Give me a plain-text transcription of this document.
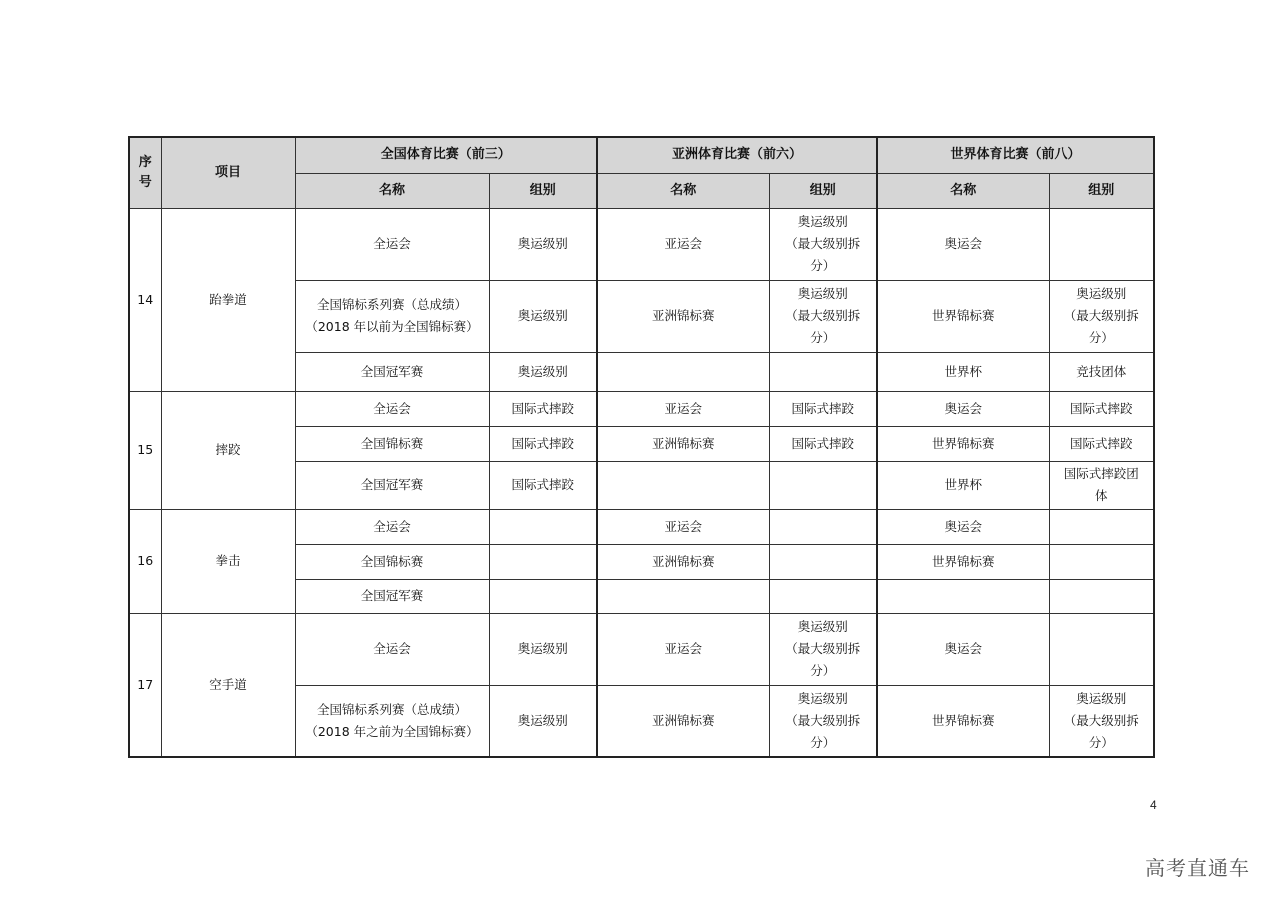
序
号	项目	全国体育比赛（前三）		亚洲体育比赛（前六）		世界体育比赛（前八）	
		名称	组别	名称	组别	名称	组别
14	跆拳道	全运会	奥运级别	亚运会	奥运级别
（最大级别拆
分）	奥运会	
		全国锦标系列赛（总成绩）
（2018 年以前为全国锦标赛）	奥运级别	亚洲锦标赛	奥运级别
（最大级别拆
分）	世界锦标赛	奥运级别
（最大级别拆
分）
		全国冠军赛	奥运级别			世界杯	竞技团体
15	摔跤	全运会	国际式摔跤	亚运会	国际式摔跤	奥运会	国际式摔跤
		全国锦标赛	国际式摔跤	亚洲锦标赛	国际式摔跤	世界锦标赛	国际式摔跤
		全国冠军赛	国际式摔跤			世界杯	国际式摔跤团
体
16	拳击	全运会		亚运会		奥运会	
		全国锦标赛		亚洲锦标赛		世界锦标赛	
		全国冠军赛					
17	空手道	全运会	奥运级别	亚运会	奥运级别
（最大级别拆
分）	奥运会	
		全国锦标系列赛（总成绩）
（2018 年之前为全国锦标赛）	奥运级别	亚洲锦标赛	奥运级别
（最大级别拆
分）	世界锦标赛	奥运级别
（最大级别拆
分）
4
高考直通车
